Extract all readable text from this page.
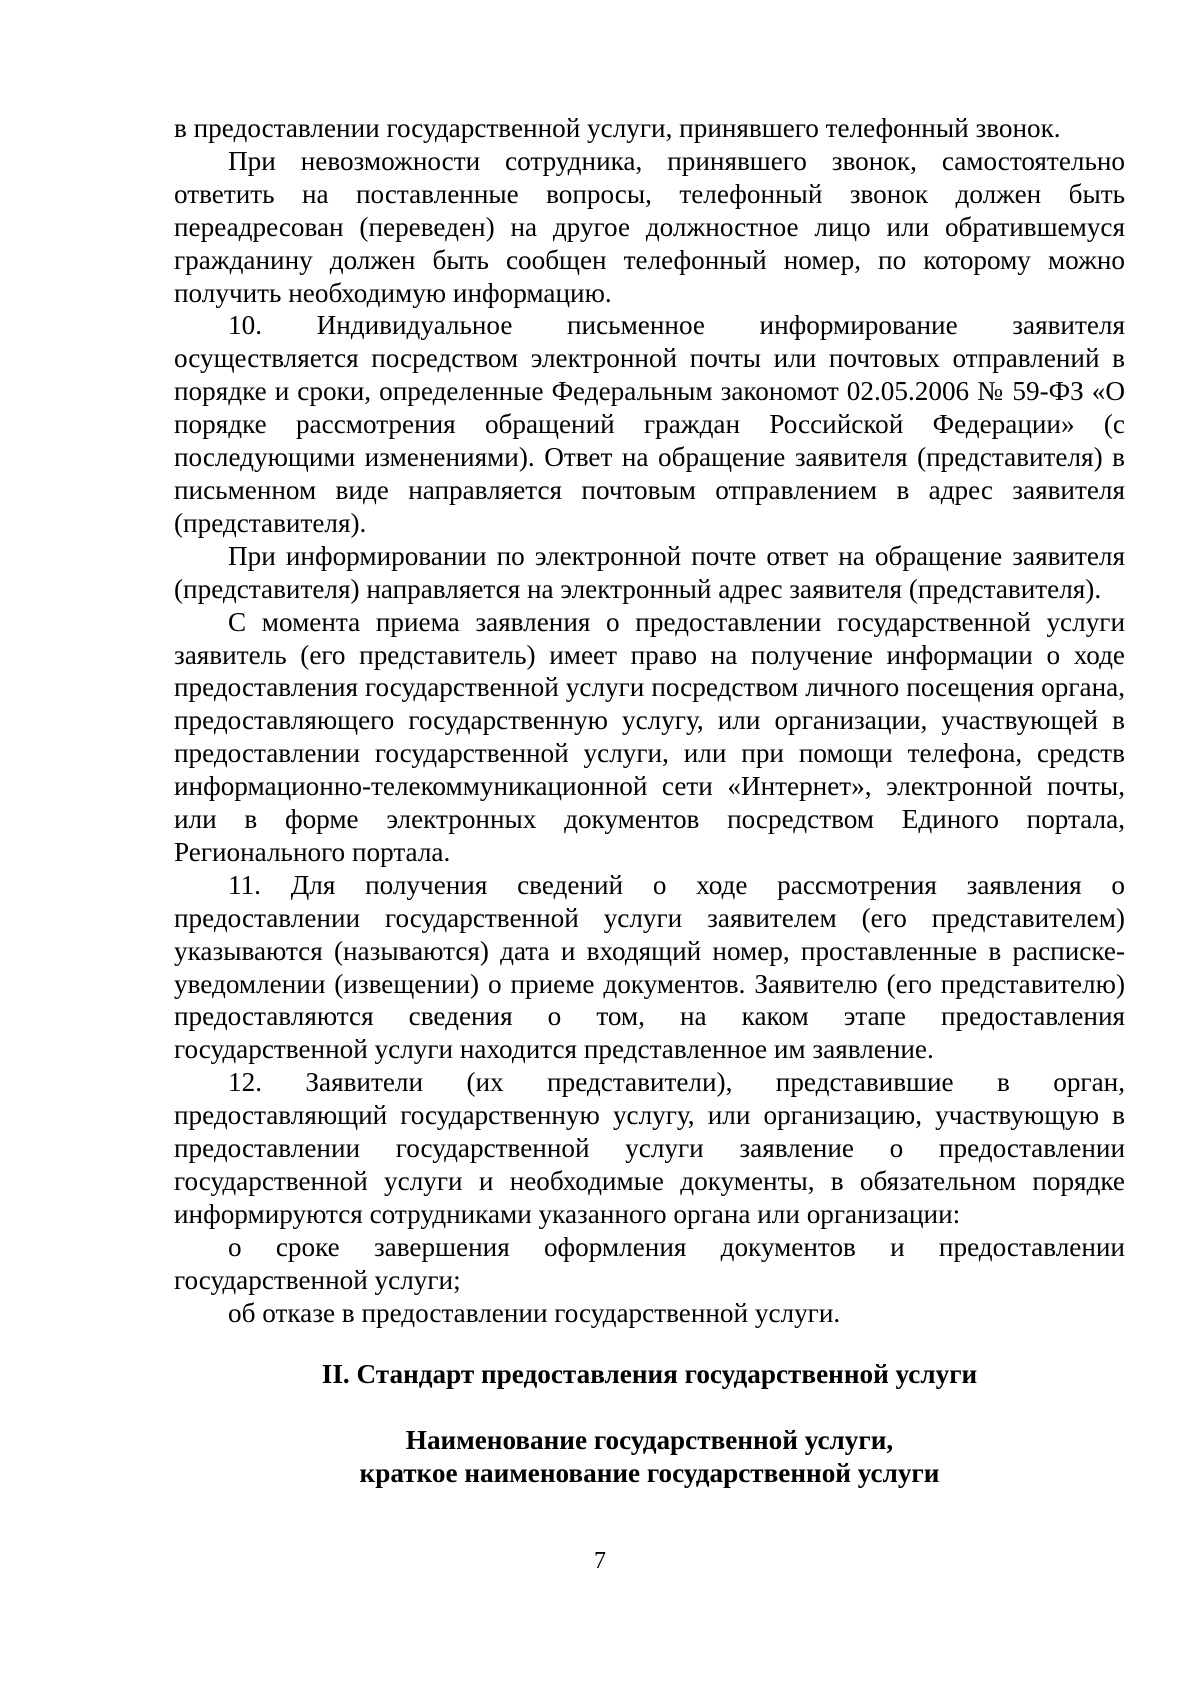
в предоставлении государственной услуги, принявшего телефонный звонок.

При невозможности сотрудника, принявшего звонок, самостоятельно ответить на поставленные вопросы, телефонный звонок должен быть переадресован (переведен) на другое должностное лицо или обратившемуся гражданину должен быть сообщен телефонный номер, по которому можно получить необходимую информацию.

10. Индивидуальное письменное информирование заявителя осуществляется посредством электронной почты или почтовых отправлений в порядке и сроки, определенные Федеральным закономот 02.05.2006 № 59-ФЗ «О порядке рассмотрения обращений граждан Российской Федерации» (с последующими изменениями). Ответ на обращение заявителя (представителя) в письменном виде направляется почтовым отправлением в адрес заявителя (представителя).

При информировании по электронной почте ответ на обращение заявителя (представителя) направляется на электронный адрес заявителя (представителя).

С момента приема заявления о предоставлении государственной услуги заявитель (его представитель) имеет право на получение информации о ходе предоставления государственной услуги посредством личного посещения органа, предоставляющего государственную услугу, или организации, участвующей в предоставлении государственной услуги, или при помощи телефона, средств информационно-телекоммуникационной сети «Интернет», электронной почты, или в форме электронных документов посредством Единого портала, Регионального портала.

11. Для получения сведений о ходе рассмотрения заявления о предоставлении государственной услуги заявителем (его представителем) указываются (называются) дата и входящий номер, проставленные в расписке-уведомлении (извещении) о приеме документов. Заявителю (его представителю) предоставляются сведения о том, на каком этапе предоставления государственной услуги находится представленное им заявление.

12. Заявители (их представители), представившие в орган, предоставляющий государственную услугу, или организацию, участвующую в предоставлении государственной услуги заявление о предоставлении государственной услуги и необходимые документы, в обязательном порядке информируются сотрудниками указанного органа или организации:

о сроке завершения оформления документов и предоставлении государственной услуги;

об отказе в предоставлении государственной услуги.

II. Стандарт предоставления государственной услуги

Наименование государственной услуги,

краткое наименование государственной услуги

7
